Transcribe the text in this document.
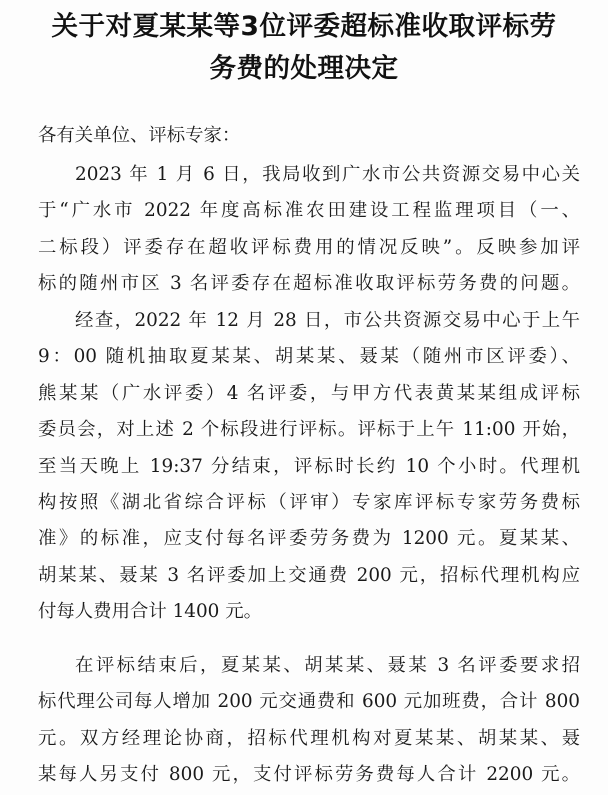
关于对夏某某等3位评委超标准收取评标劳
务费的处理决定
各有关单位、评标专家：
2023 年 1 月 6 日，我局收到广水市公共资源交易中心关
于“广水市 2022 年度高标准农田建设工程监理项目（一、
二标段）评委存在超收评标费用的情况反映”。反映参加评
标的随州市区 3 名评委存在超标准收取评标劳务费的问题。
经查，2022 年 12 月 28 日，市公共资源交易中心于上午
9：00 随机抽取夏某某、胡某某、聂某（随州市区评委）、
熊某某（广水评委）4 名评委，与甲方代表黄某某组成评标
委员会，对上述 2 个标段进行评标。评标于上午 11:00 开始，
至当天晚上 19:37 分结束，评标时长约 10 个小时。代理机
构按照《湖北省综合评标（评审）专家库评标专家劳务费标
准》的标准，应支付每名评委劳务费为 1200 元。夏某某、
胡某某、聂某 3 名评委加上交通费 200 元，招标代理机构应
付每人费用合计 1400 元。
在评标结束后，夏某某、胡某某、聂某 3 名评委要求招
标代理公司每人增加 200 元交通费和 600 元加班费，合计 800
元。双方经理论协商，招标代理机构对夏某某、胡某某、聂
某每人另支付 800 元，支付评标劳务费每人合计 2200 元。
